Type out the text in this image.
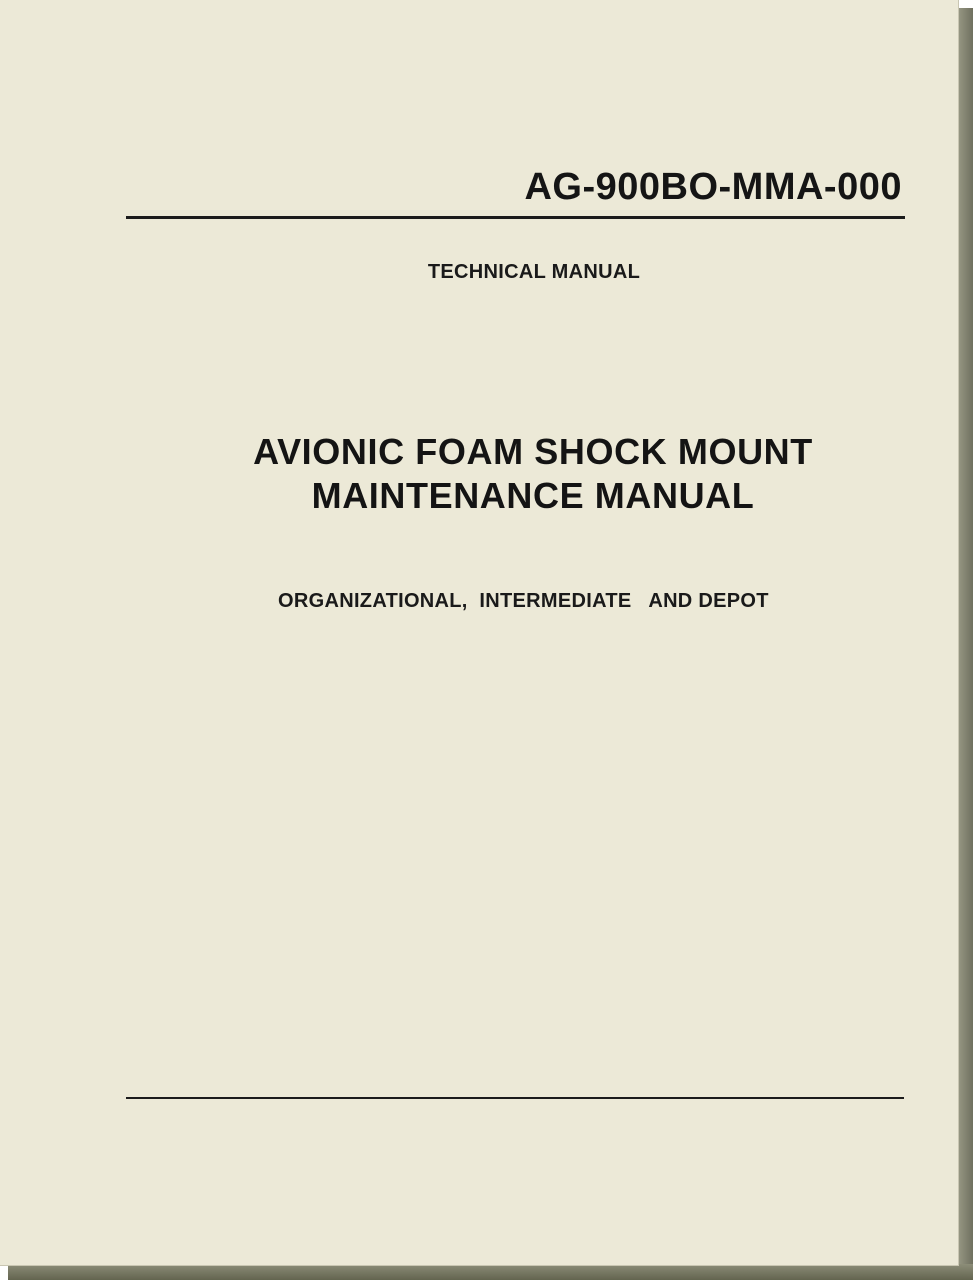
AG-900BO-MMA-000

TECHNICAL MANUAL

AVIONIC FOAM SHOCK MOUNT
MAINTENANCE MANUAL

ORGANIZATIONAL,  INTERMEDIATE   AND DEPOT
